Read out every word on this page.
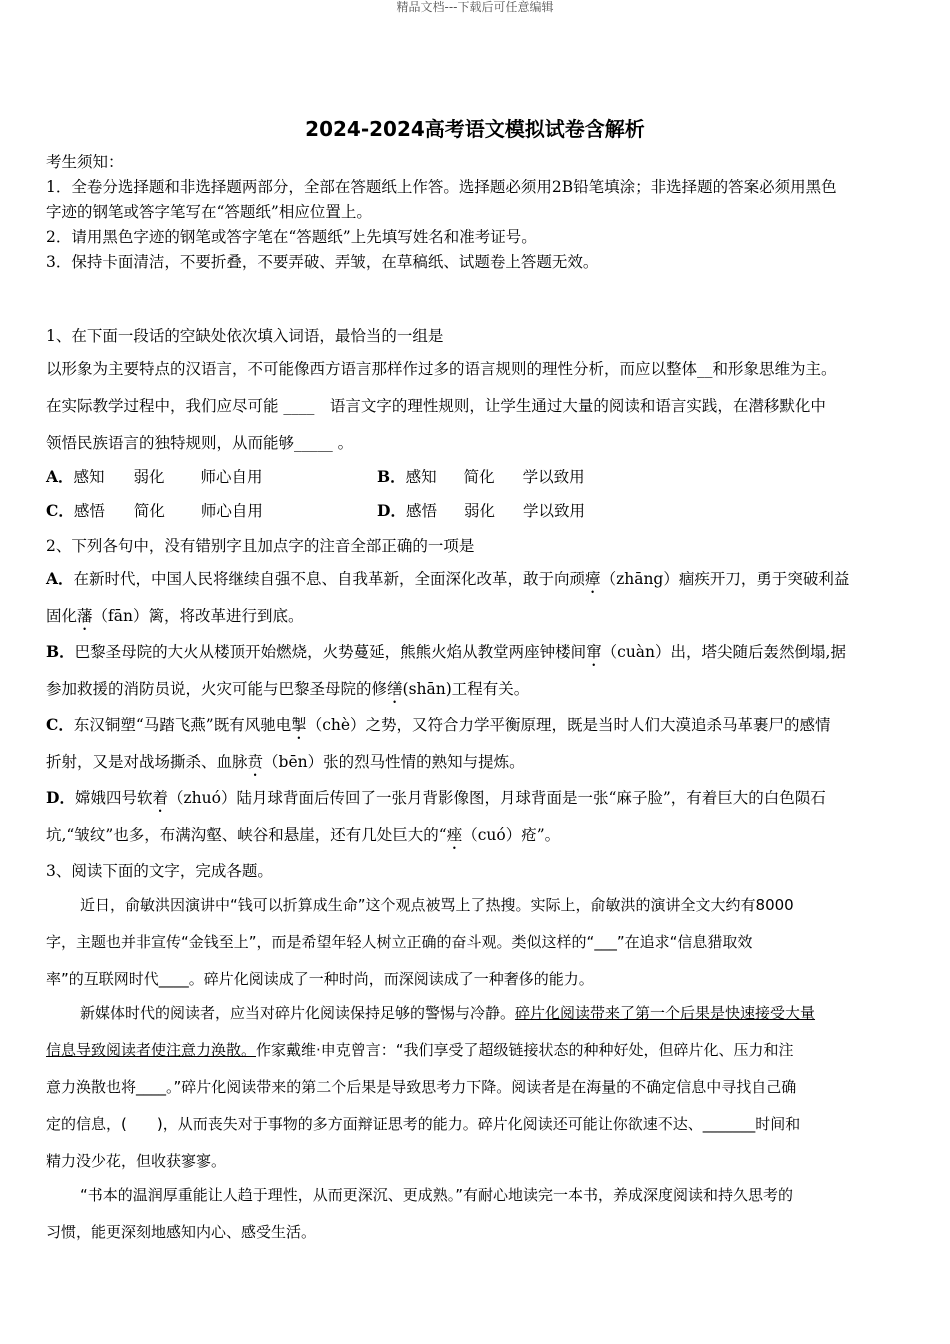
精品文档---下载后可任意编辑
2024-2024高考语文模拟试卷含解析
考生须知：
1．全卷分选择题和非选择题两部分，全部在答题纸上作答。选择题必须用2B铅笔填涂；非选择题的答案必须用黑色
字迹的钢笔或答字笔写在“答题纸”相应位置上。
2．请用黑色字迹的钢笔或答字笔在“答题纸”上先填写姓名和准考证号。
3．保持卡面清洁，不要折叠，不要弄破、弄皱，在草稿纸、试题卷上答题无效。
1、在下面一段话的空缺处依次填入词语，最恰当的一组是
以形象为主要特点的汉语言，不可能像西方语言那样作过多的语言规则的理性分析，而应以整体__和形象思维为主。
在实际教学过程中，我们应尽可能 ____　语言文字的理性规则，让学生通过大量的阅读和语言实践，在潜移默化中
领悟民族语言的独特规则，从而能够_____ 。
A．感知 弱化 师心自用	B．感知 简化 学以致用
C．感悟 简化 师心自用	D．感悟 弱化 学以致用
2、下列各句中，没有错别字且加点字的注音全部正确的一项是
A．在新时代，中国人民将继续自强不息、自我革新，全面深化改革，敢于向顽瘴（zhāng）痼疾开刀，勇于突破利益
固化藩（fān）篱，将改革进行到底。
B．巴黎圣母院的大火从楼顶开始燃烧，火势蔓延，熊熊火焰从教堂两座钟楼间窜（cuàn）出，塔尖随后轰然倒塌,据
参加救援的消防员说，火灾可能与巴黎圣母院的修缮(shān)工程有关。
C．东汉铜塑“马踏飞燕”既有风驰电掣（chè）之势，又符合力学平衡原理，既是当时人们大漠追杀马革裹尸的感情
折射，又是对战场撕杀、血脉贲（bēn）张的烈马性情的熟知与提炼。
D．嫦娥四号软着（zhuó）陆月球背面后传回了一张月背影像图，月球背面是一张“麻子脸”，有着巨大的白色陨石
坑,“皱纹”也多，布满沟壑、峡谷和悬崖，还有几处巨大的“痤（cuó）疮”。
3、阅读下面的文字，完成各题。
近日，俞敏洪因演讲中“钱可以折算成生命”这个观点被骂上了热搜。实际上，俞敏洪的演讲全文大约有8000
字，主题也并非宣传“金钱至上”，而是希望年轻人树立正确的奋斗观。类似这样的“___”在追求“信息猎取效
率”的互联网时代____。碎片化阅读成了一种时尚，而深阅读成了一种奢侈的能力。
新媒体时代的阅读者，应当对碎片化阅读保持足够的警惕与冷静。碎片化阅读带来了第一个后果是快速接受大量
信息导致阅读者使注意力涣散。作家戴维·申克曾言：“我们享受了超级链接状态的种种好处，但碎片化、压力和注
意力涣散也将____。”碎片化阅读带来的第二个后果是导致思考力下降。阅读者是在海量的不确定信息中寻找自己确
定的信息，(　　)，从而丧失对于事物的多方面辩证思考的能力。碎片化阅读还可能让你欲速不达、_______时间和
精力没少花，但收获寥寥。
“书本的温润厚重能让人趋于理性，从而更深沉、更成熟。”有耐心地读完一本书，养成深度阅读和持久思考的
习惯，能更深刻地感知内心、感受生活。
